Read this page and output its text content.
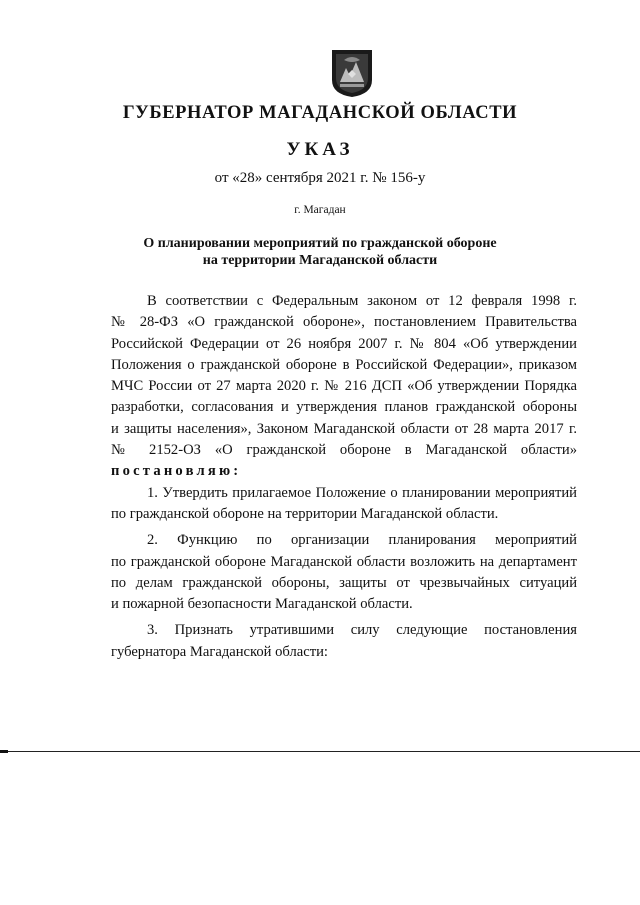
ГУБЕРНАТОР МАГАДАНСКОЙ ОБЛАСТИ
УКАЗ
от «28» сентября 2021 г. № 156-у
г. Магадан
О планировании мероприятий по гражданской обороне
на территории Магаданской области

В соответствии с Федеральным законом от 12 февраля 1998 г.

№ 28-ФЗ «О гражданской обороне», постановлением Правительства

Российской Федерации от 26 ноября 2007 г. № 804 «Об утверждении

Положения о гражданской обороне в Российской Федерации», приказом

МЧС России от 27 марта 2020 г. № 216 ДСП «Об утверждении Порядка

разработки, согласования и утверждения планов гражданской обороны

и защиты населения», Законом Магаданской области от 28 марта 2017 г.

№ 2152-ОЗ «О гражданской обороне в Магаданской области»

постановляю:

1. Утвердить прилагаемое Положение о планировании мероприятий

по гражданской обороне на территории Магаданской области.

2. Функцию по организации планирования мероприятий

по гражданской обороне Магаданской области возложить на департамент

по делам гражданской обороны, защиты от чрезвычайных ситуаций

и пожарной безопасности Магаданской области.

3. Признать утратившими силу следующие постановления

губернатора Магаданской области:
